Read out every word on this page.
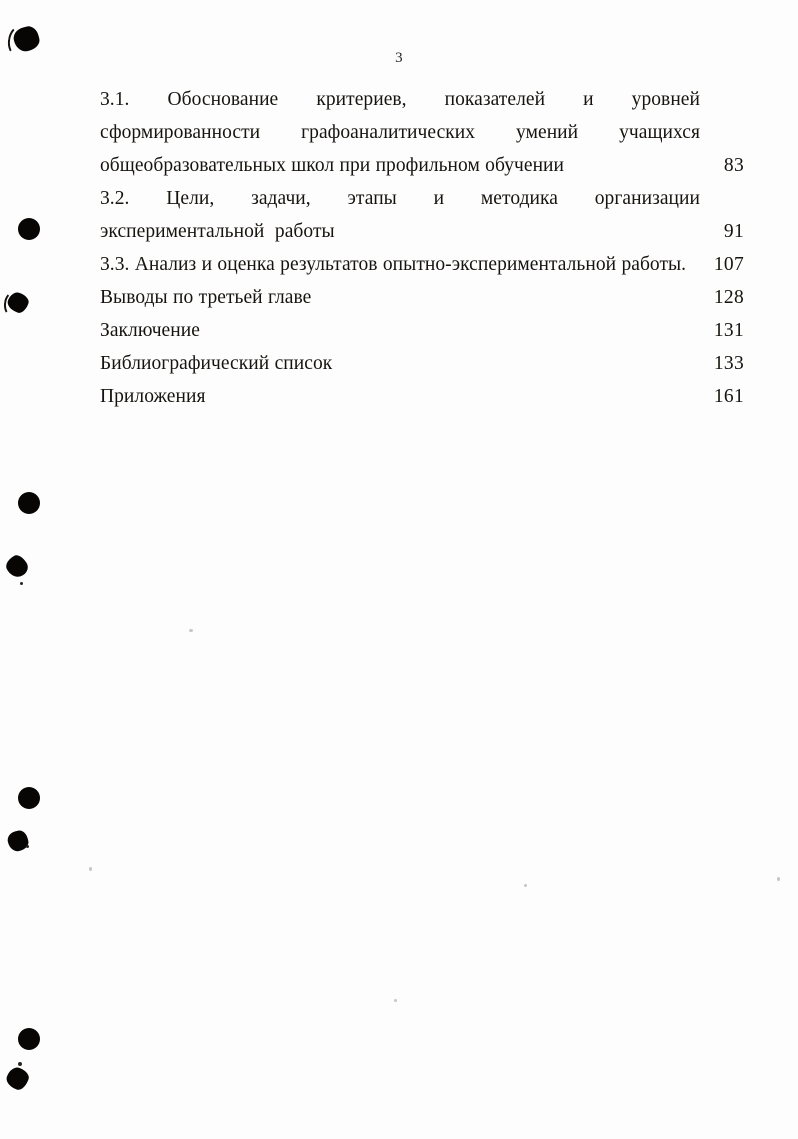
3
3.1. Обоснование критериев, показателей и уровней сформированности графоаналитических умений учащихся общеобразовательных школ при профильном обучении	83
3.2. Цели, задачи, этапы и методика организации экспериментальной работы	91
3.3. Анализ и оценка результатов опытно-экспериментальной работы.	107
Выводы по третьей главе	128
Заключение	131
Библиографический список	133
Приложения	161
